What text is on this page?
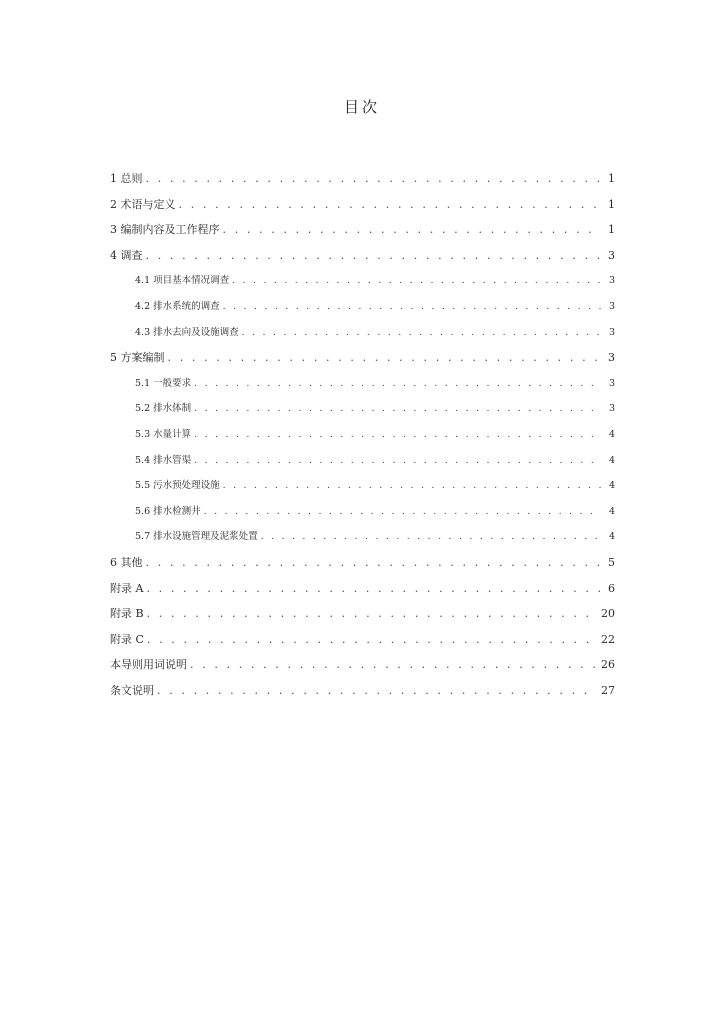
目次
1 总则 . . .	1
2 术语与定义 . . .	1
3 编制内容及工作程序 . . .	1
4 调查 . . .	3
4.1 项目基本情况调查 . . .	3
4.2 排水系统的调查 . . .	3
4.3 排水去向及设施调查 . . .	3
5 方案编制 . . .	3
5.1 一般要求 . . .	3
5.2 排水体制 . . .	3
5.3 水量计算 . . .	4
5.4 排水管渠 . . .	4
5.5 污水预处理设施 . . .	4
5.6 排水检测井 . . .	4
5.7 排水设施管理及泥浆处置 . . .	4
6 其他 . . .	5
附录 A . . .	6
附录 B . . .	20
附录 C . . .	22
本导则用词说明 . . .	26
条文说明 . . .	27
